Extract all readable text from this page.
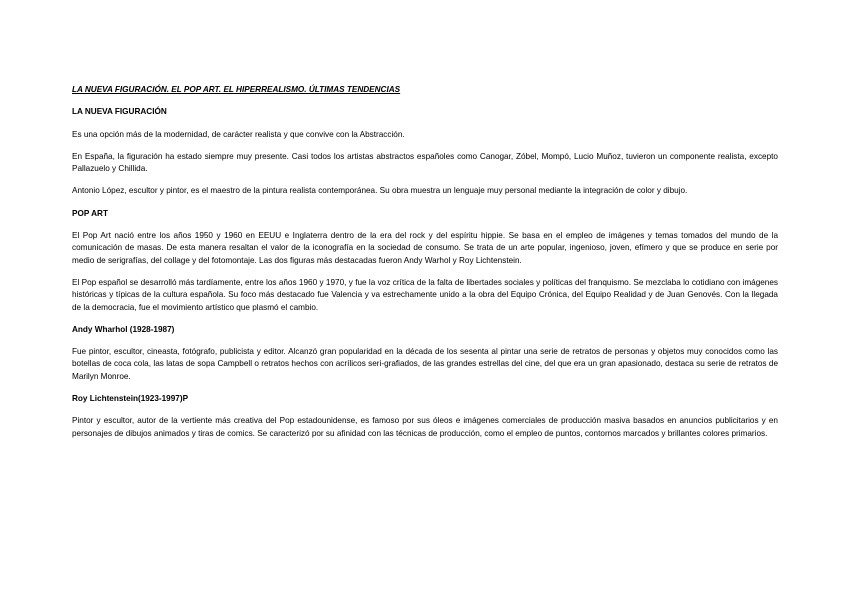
LA NUEVA FIGURACIÓN. EL POP ART. EL HIPERREALISMO. ÚLTIMAS TENDENCIAS
LA NUEVA FIGURACIÓN
Es una opción más de la modernidad, de carácter realista y que convive con la Abstracción.
En España, la figuración ha estado siempre muy presente. Casi todos los artistas abstractos españoles como Canogar, Zóbel, Mompó, Lucio Muñoz, tuvieron un componente realista, excepto Pallazuelo y Chillida.
Antonio López, escultor y pintor, es el maestro de la pintura realista contemporánea. Su obra muestra un lenguaje muy personal mediante la integración de color y dibujo.
POP ART
El Pop Art nació entre los años 1950 y 1960 en EEUU e Inglaterra dentro de la era del rock y del espíritu hippie. Se basa en el empleo de imágenes y temas tomados del mundo de la comunicación de masas. De esta manera resaltan el valor de la iconografía en la sociedad de consumo. Se trata de un arte popular, ingenioso, joven, efímero y que se produce en serie por medio de serigrafías, del collage y del fotomontaje. Las dos figuras más destacadas fueron Andy Warhol y Roy Lichtenstein.
El Pop español se desarrolló más tardíamente, entre los años 1960 y 1970, y fue la voz crítica de la falta de libertades sociales y políticas del franquismo. Se mezclaba lo cotidiano con imágenes históricas y típicas de la cultura española. Su foco más destacado fue Valencia y va estrechamente unido a la obra del Equipo Crónica, del Equipo Realidad y de Juan Genovés. Con la llegada de la democracia, fue el movimiento artístico que plasmó el cambio.
Andy Wharhol (1928-1987)
Fue pintor, escultor, cineasta, fotógrafo, publicista y editor. Alcanzó gran popularidad en la década de los sesenta al pintar una serie de retratos de personas y objetos muy conocidos como las botellas de coca cola, las latas de sopa Campbell o retratos hechos con acrílicos seri-grafiados, de las grandes estrellas del cine, del que era un gran apasionado, destaca su serie de retratos de Marilyn Monroe.
Roy Lichtenstein(1923-1997)P
Pintor y escultor, autor de la vertiente más creativa del Pop estadounidense, es famoso por sus óleos e imágenes comerciales de producción masiva basados en anuncios publicitarios y en personajes de dibujos animados y tiras de comics. Se caracterizó por su afinidad con las técnicas de producción, como el empleo de puntos, contornos marcados y brillantes colores primarios.
